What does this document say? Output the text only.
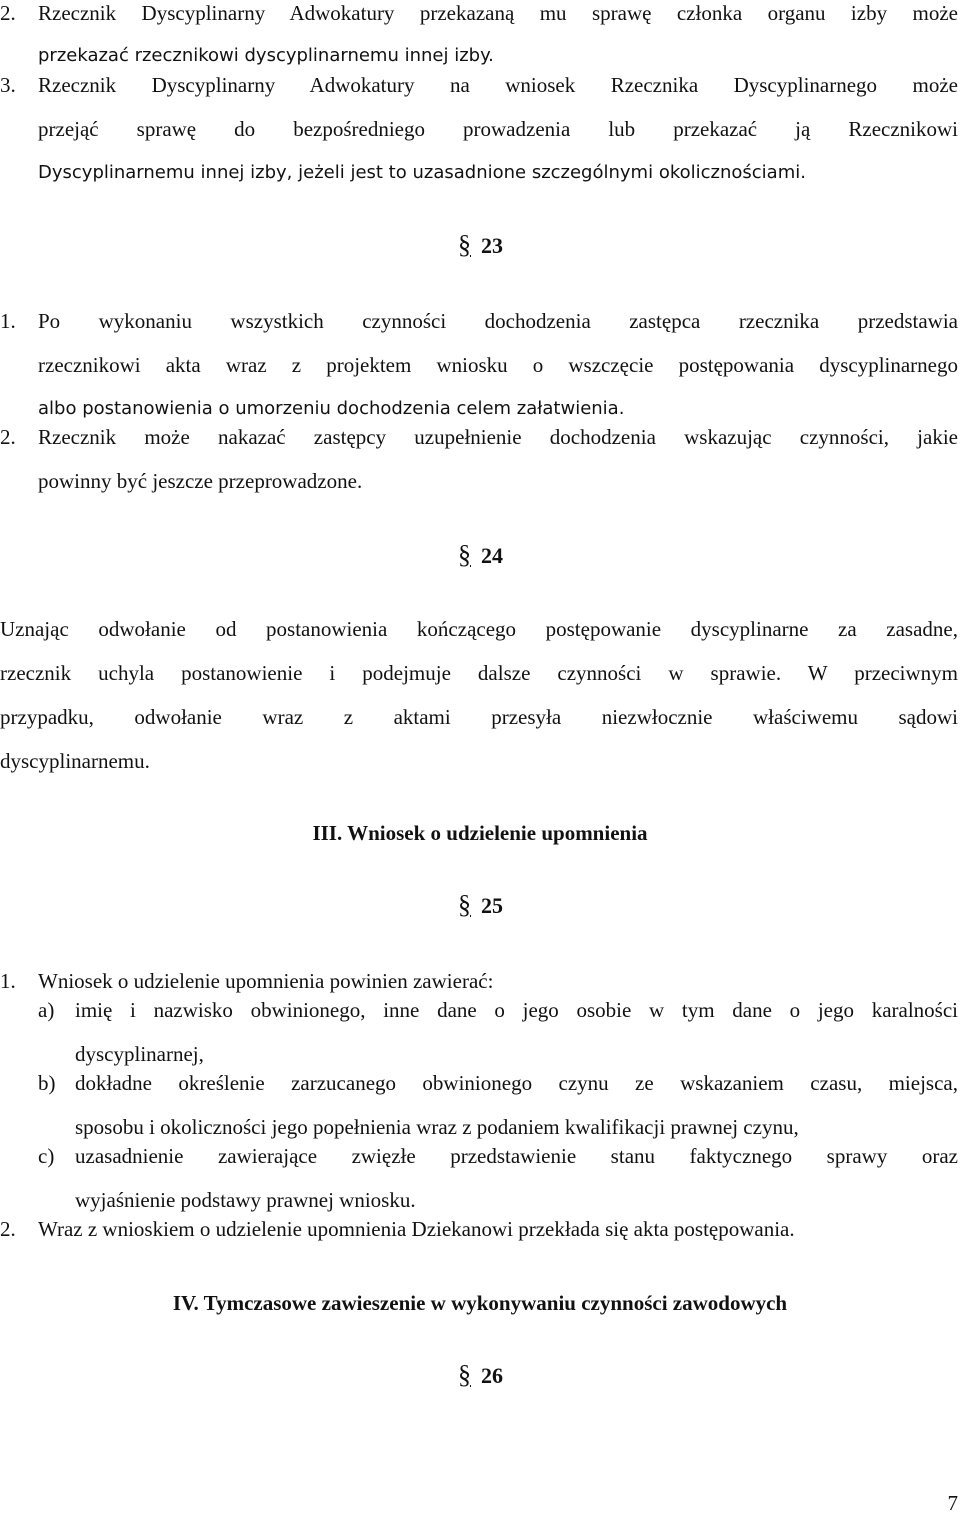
2. Rzecznik Dyscyplinarny Adwokatury przekazaną mu sprawę członka organu izby może
przekazać rzecznikowi dyscyplinarnemu innej izby.
3. Rzecznik Dyscyplinarny Adwokatury na wniosek Rzecznika Dyscyplinarnego może
przejąć sprawę do bezpośredniego prowadzenia lub przekazać ją Rzecznikowi
Dyscyplinarnemu innej izby, jeżeli jest to uzasadnione szczególnymi okolicznościami.
§ 23
1. Po wykonaniu wszystkich czynności dochodzenia zastępca rzecznika przedstawia
rzecznikowi akta wraz z projektem wniosku o wszczęcie postępowania dyscyplinarnego
albo postanowienia o umorzeniu dochodzenia celem załatwienia.
2. Rzecznik może nakazać zastępcy uzupełnienie dochodzenia wskazując czynności, jakie
powinny być jeszcze przeprowadzone.
§ 24
Uznając odwołanie od postanowienia kończącego postępowanie dyscyplinarne za zasadne,
rzecznik uchyla postanowienie i podejmuje dalsze czynności w sprawie. W przeciwnym
przypadku, odwołanie wraz z aktami przesyła niezwłocznie właściwemu sądowi
dyscyplinarnemu.
III. Wniosek o udzielenie upomnienia
§ 25
1. Wniosek o udzielenie upomnienia powinien zawierać:
a) imię i nazwisko obwinionego, inne dane o jego osobie w tym dane o jego karalności
dyscyplinarnej,
b) dokładne określenie zarzucanego obwinionego czynu ze wskazaniem czasu, miejsca,
sposobu i okoliczności jego popełnienia wraz z podaniem kwalifikacji prawnej czynu,
c) uzasadnienie zawierające zwięzłe przedstawienie stanu faktycznego sprawy oraz
wyjaśnienie podstawy prawnej wniosku.
2. Wraz z wnioskiem o udzielenie upomnienia Dziekanowi przekłada się akta postępowania.
IV. Tymczasowe zawieszenie w wykonywaniu czynności zawodowych
§ 26
7
